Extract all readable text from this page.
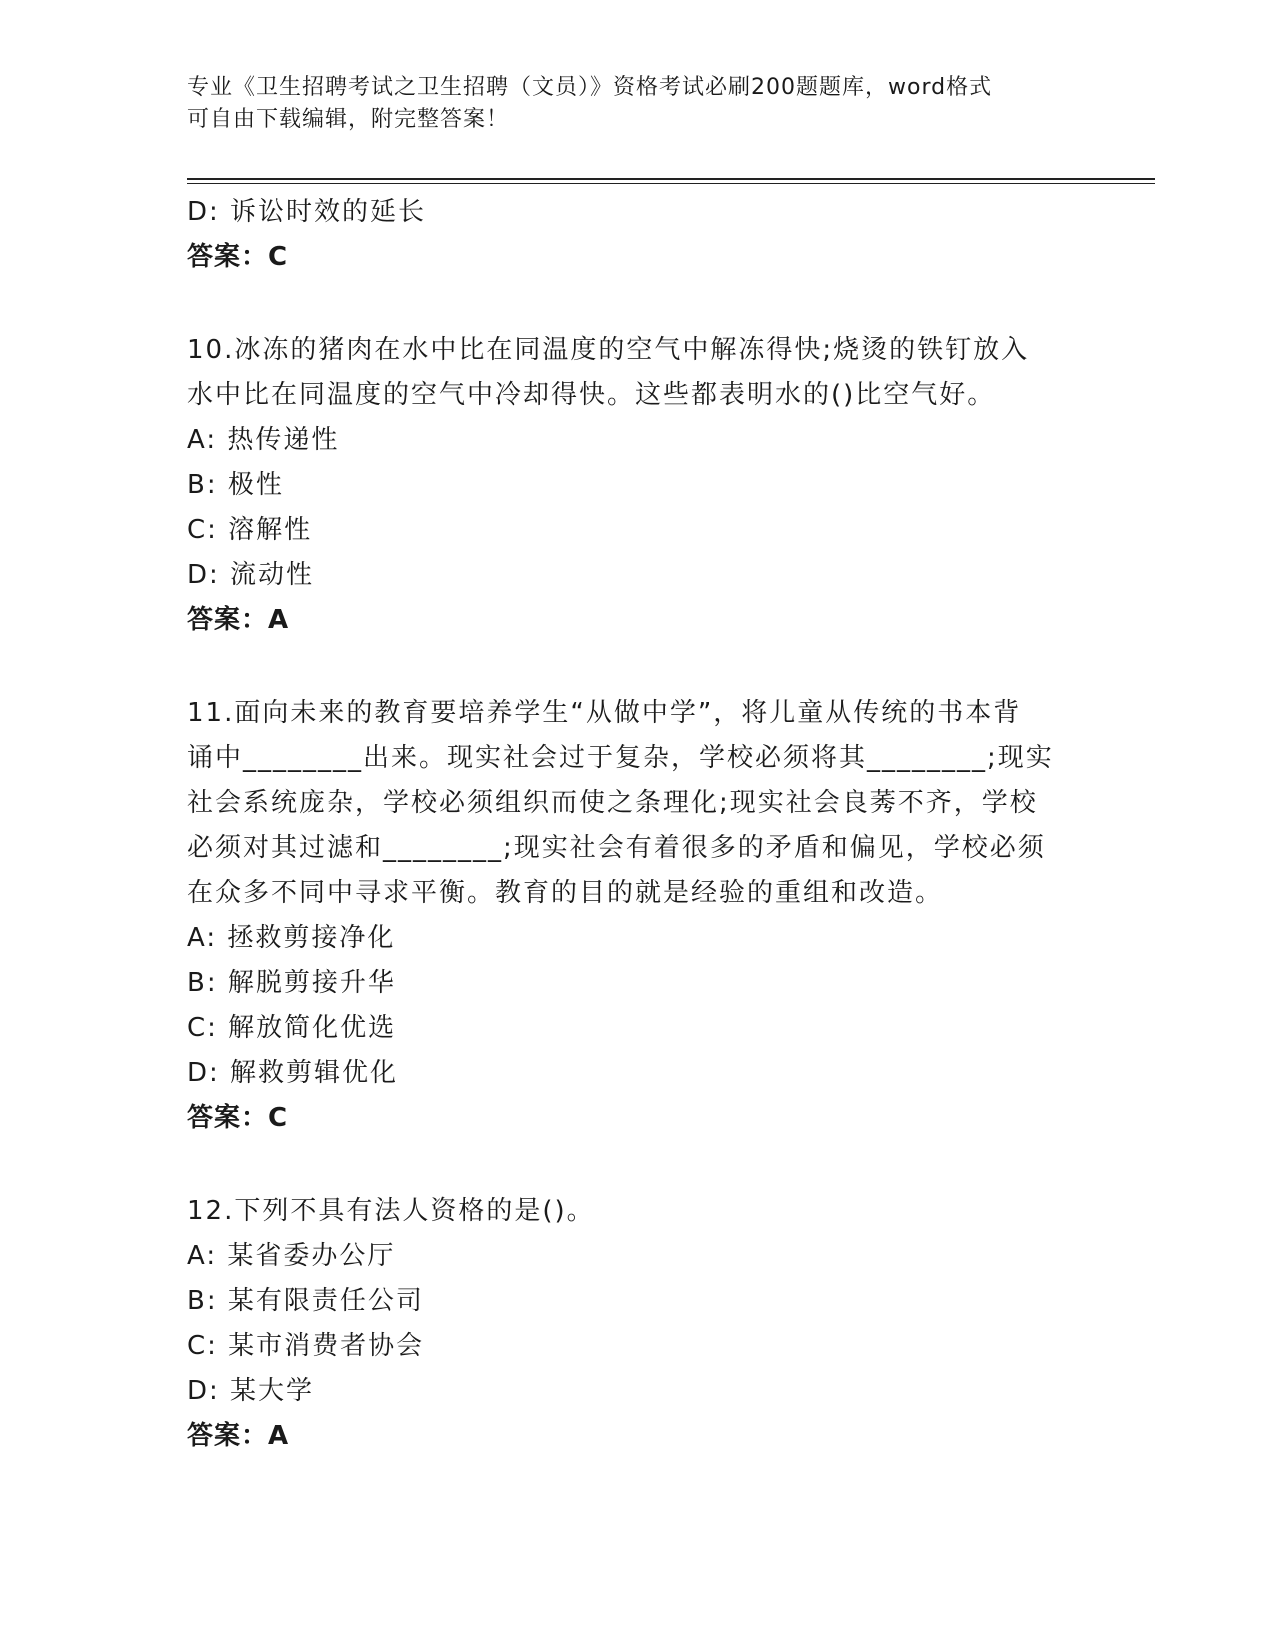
专业《卫生招聘考试之卫生招聘（文员）》资格考试必刷200题题库，word格式
可自由下载编辑，附完整答案！
D: 诉讼时效的延长
答案：C
10.冰冻的猪肉在水中比在同温度的空气中解冻得快;烧烫的铁钉放入
水中比在同温度的空气中冷却得快。这些都表明水的()比空气好。
A: 热传递性
B: 极性
C: 溶解性
D: 流动性
答案：A
11.面向未来的教育要培养学生“从做中学”，将儿童从传统的书本背
诵中________出来。现实社会过于复杂，学校必须将其________;现实
社会系统庞杂，学校必须组织而使之条理化;现实社会良莠不齐，学校
必须对其过滤和________;现实社会有着很多的矛盾和偏见，学校必须
在众多不同中寻求平衡。教育的目的就是经验的重组和改造。
A: 拯救剪接净化
B: 解脱剪接升华
C: 解放简化优选
D: 解救剪辑优化
答案：C
12.下列不具有法人资格的是()。
A: 某省委办公厅
B: 某有限责任公司
C: 某市消费者协会
D: 某大学
答案：A
